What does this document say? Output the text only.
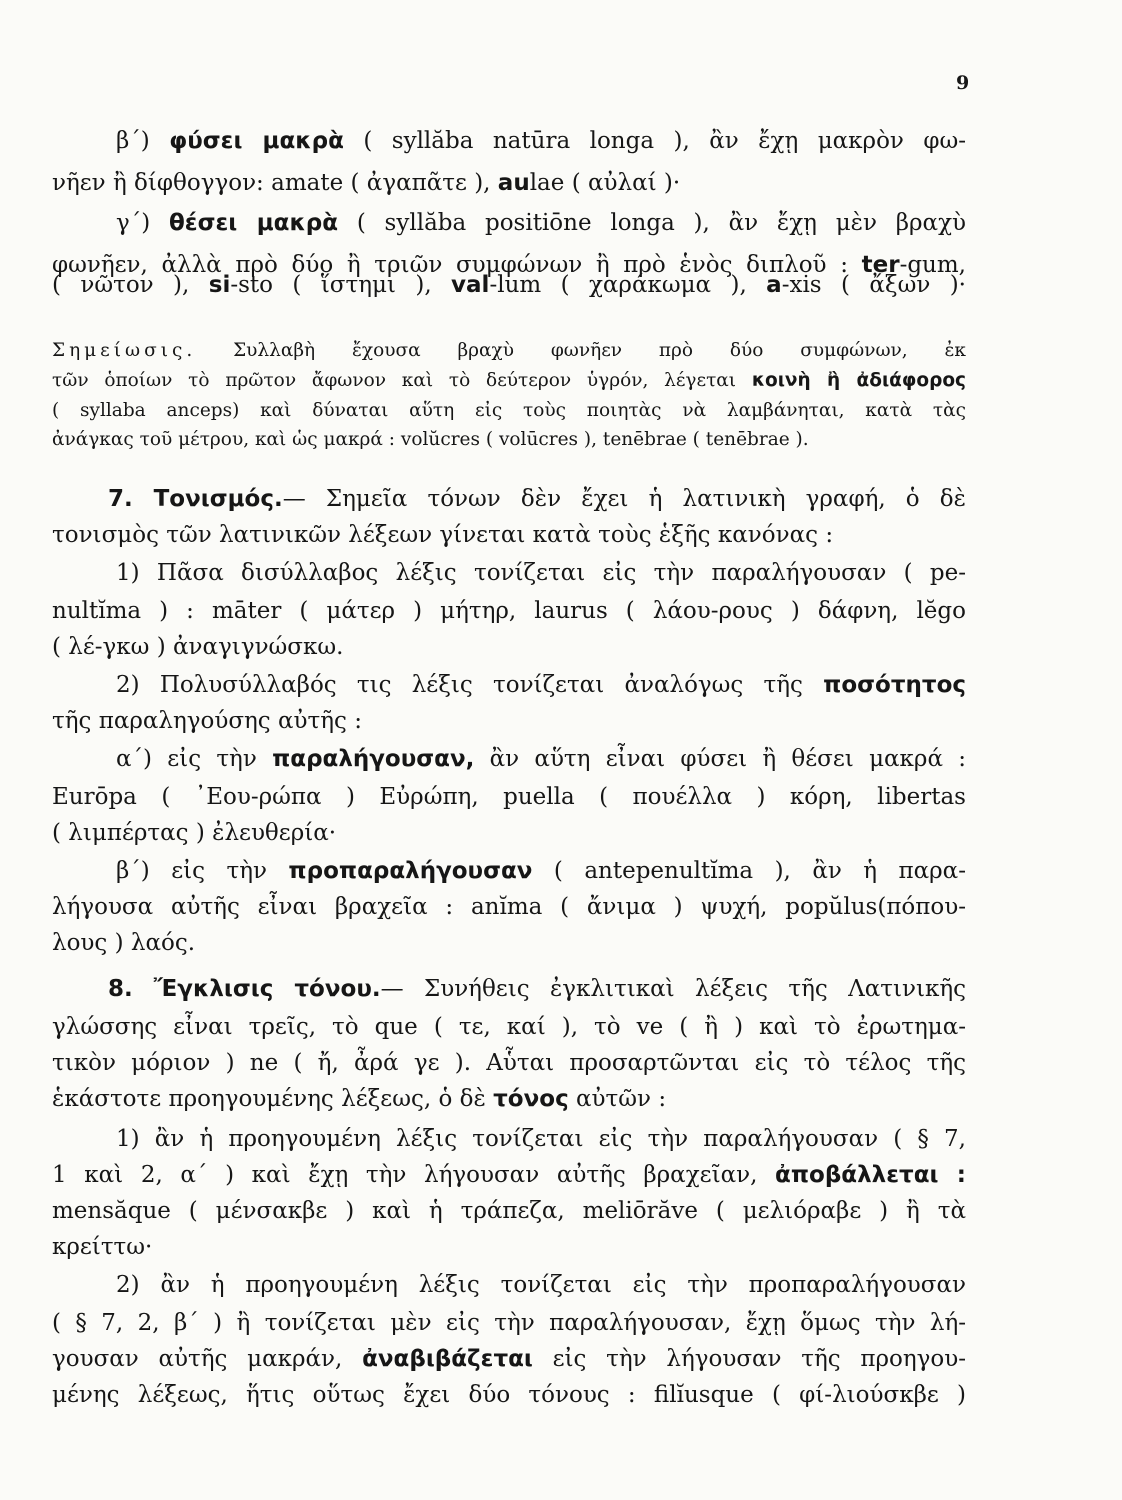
9
β΄) φύσει μακρὰ ( syllăba natūra longa ), ἂν ἔχῃ μακρὸν φω-
νῆεν ἢ δίφθογγον: amate ( ἀγαπᾶτε ), aulae ( αὐλαί )·
γ΄) θέσει μακρὰ ( syllăba positiōne longa ), ἂν ἔχῃ μὲν βραχὺ
φωνῆεν, ἀλλὰ πρὸ δύο ἢ τριῶν συμφώνων ἢ πρὸ ἑνὸς διπλοῦ : ter-gum,
( νῶτον ), si-sto ( ἵστημι ), val-lum ( χαράκωμα ), a-xis ( ἄξων )·
Σημείωσις. Συλλαβὴ ἔχουσα βραχὺ φωνῆεν πρὸ δύο συμφώνων, ἐκ
τῶν ὁποίων τὸ πρῶτον ἄφωνον καὶ τὸ δεύτερον ὑγρόν, λέγεται κοινὴ ἢ ἀδιάφορος
( syllaba anceps) καὶ δύναται αὕτη εἰς τοὺς ποιητὰς νὰ λαμβάνηται, κατὰ τὰς
ἀνάγκας τοῦ μέτρου, καὶ ὡς μακρά : volŭcres ( volūcres ), tenēbrae ( tenēbrae ).
7. Τονισμός.— Σημεῖα τόνων δὲν ἔχει ἡ λατινικὴ γραφή, ὁ δὲ
τονισμὸς τῶν λατινικῶν λέξεων γίνεται κατὰ τοὺς ἑξῆς κανόνας :
1) Πᾶσα δισύλλαβος λέξις τονίζεται εἰς τὴν παραλήγουσαν ( pe-
nultĭma ) : māter ( μάτερ ) μήτηρ, laurus ( λάου-ρους ) δάφνη, lĕgo
( λέ-γκω ) ἀναγιγνώσκω.
2) Πολυσύλλαβός τις λέξις τονίζεται ἀναλόγως τῆς ποσότητος
τῆς παραληγούσης αὐτῆς :
α΄) εἰς τὴν παραλήγουσαν, ἂν αὕτη εἶναι φύσει ἢ θέσει μακρά :
Eurōpa ( ᾽Εου-ρώπα ) Εὐρώπη, puella ( πουέλλα ) κόρη, libertas
( λιμπέρτας ) ἐλευθερία·
β΄) εἰς τὴν προπαραλήγουσαν ( antepenultĭma ), ἂν ἡ παρα-
λήγουσα αὐτῆς εἶναι βραχεῖα : anĭma ( ἄνιμα ) ψυχή, popŭlus(πόπου-
λους ) λαός.
8. Ἔγκλισις τόνου.— Συνήθεις ἐγκλιτικαὶ λέξεις τῆς Λατινικῆς
γλώσσης εἶναι τρεῖς, τὸ que ( τε, καί ), τὸ ve ( ἢ ) καὶ τὸ ἐρωτημα-
τικὸν μόριον ) ne ( ἤ, ἆρά γε ). Αὗται προσαρτῶνται εἰς τὸ τέλος τῆς
ἑκάστοτε προηγουμένης λέξεως, ὁ δὲ τόνος αὐτῶν :
1) ἂν ἡ προηγουμένη λέξις τονίζεται εἰς τὴν παραλήγουσαν ( § 7,
1 καὶ 2, α΄ ) καὶ ἔχῃ τὴν λήγουσαν αὐτῆς βραχεῖαν, ἀποβάλλεται :
mensăque ( μένσακβε ) καὶ ἡ τράπεζα, meliōrăve ( μελιόραβε ) ἢ τὰ
κρείττω·
2) ἂν ἡ προηγουμένη λέξις τονίζεται εἰς τὴν προπαραλήγουσαν
( § 7, 2, β΄ ) ἢ τονίζεται μὲν εἰς τὴν παραλήγουσαν, ἔχῃ ὅμως τὴν λή-
γουσαν αὐτῆς μακράν, ἀναβιβάζεται εἰς τὴν λήγουσαν τῆς προηγου-
μένης λέξεως, ἥτις οὕτως ἔχει δύο τόνους : filĭusque ( φί-λιούσκβε )
